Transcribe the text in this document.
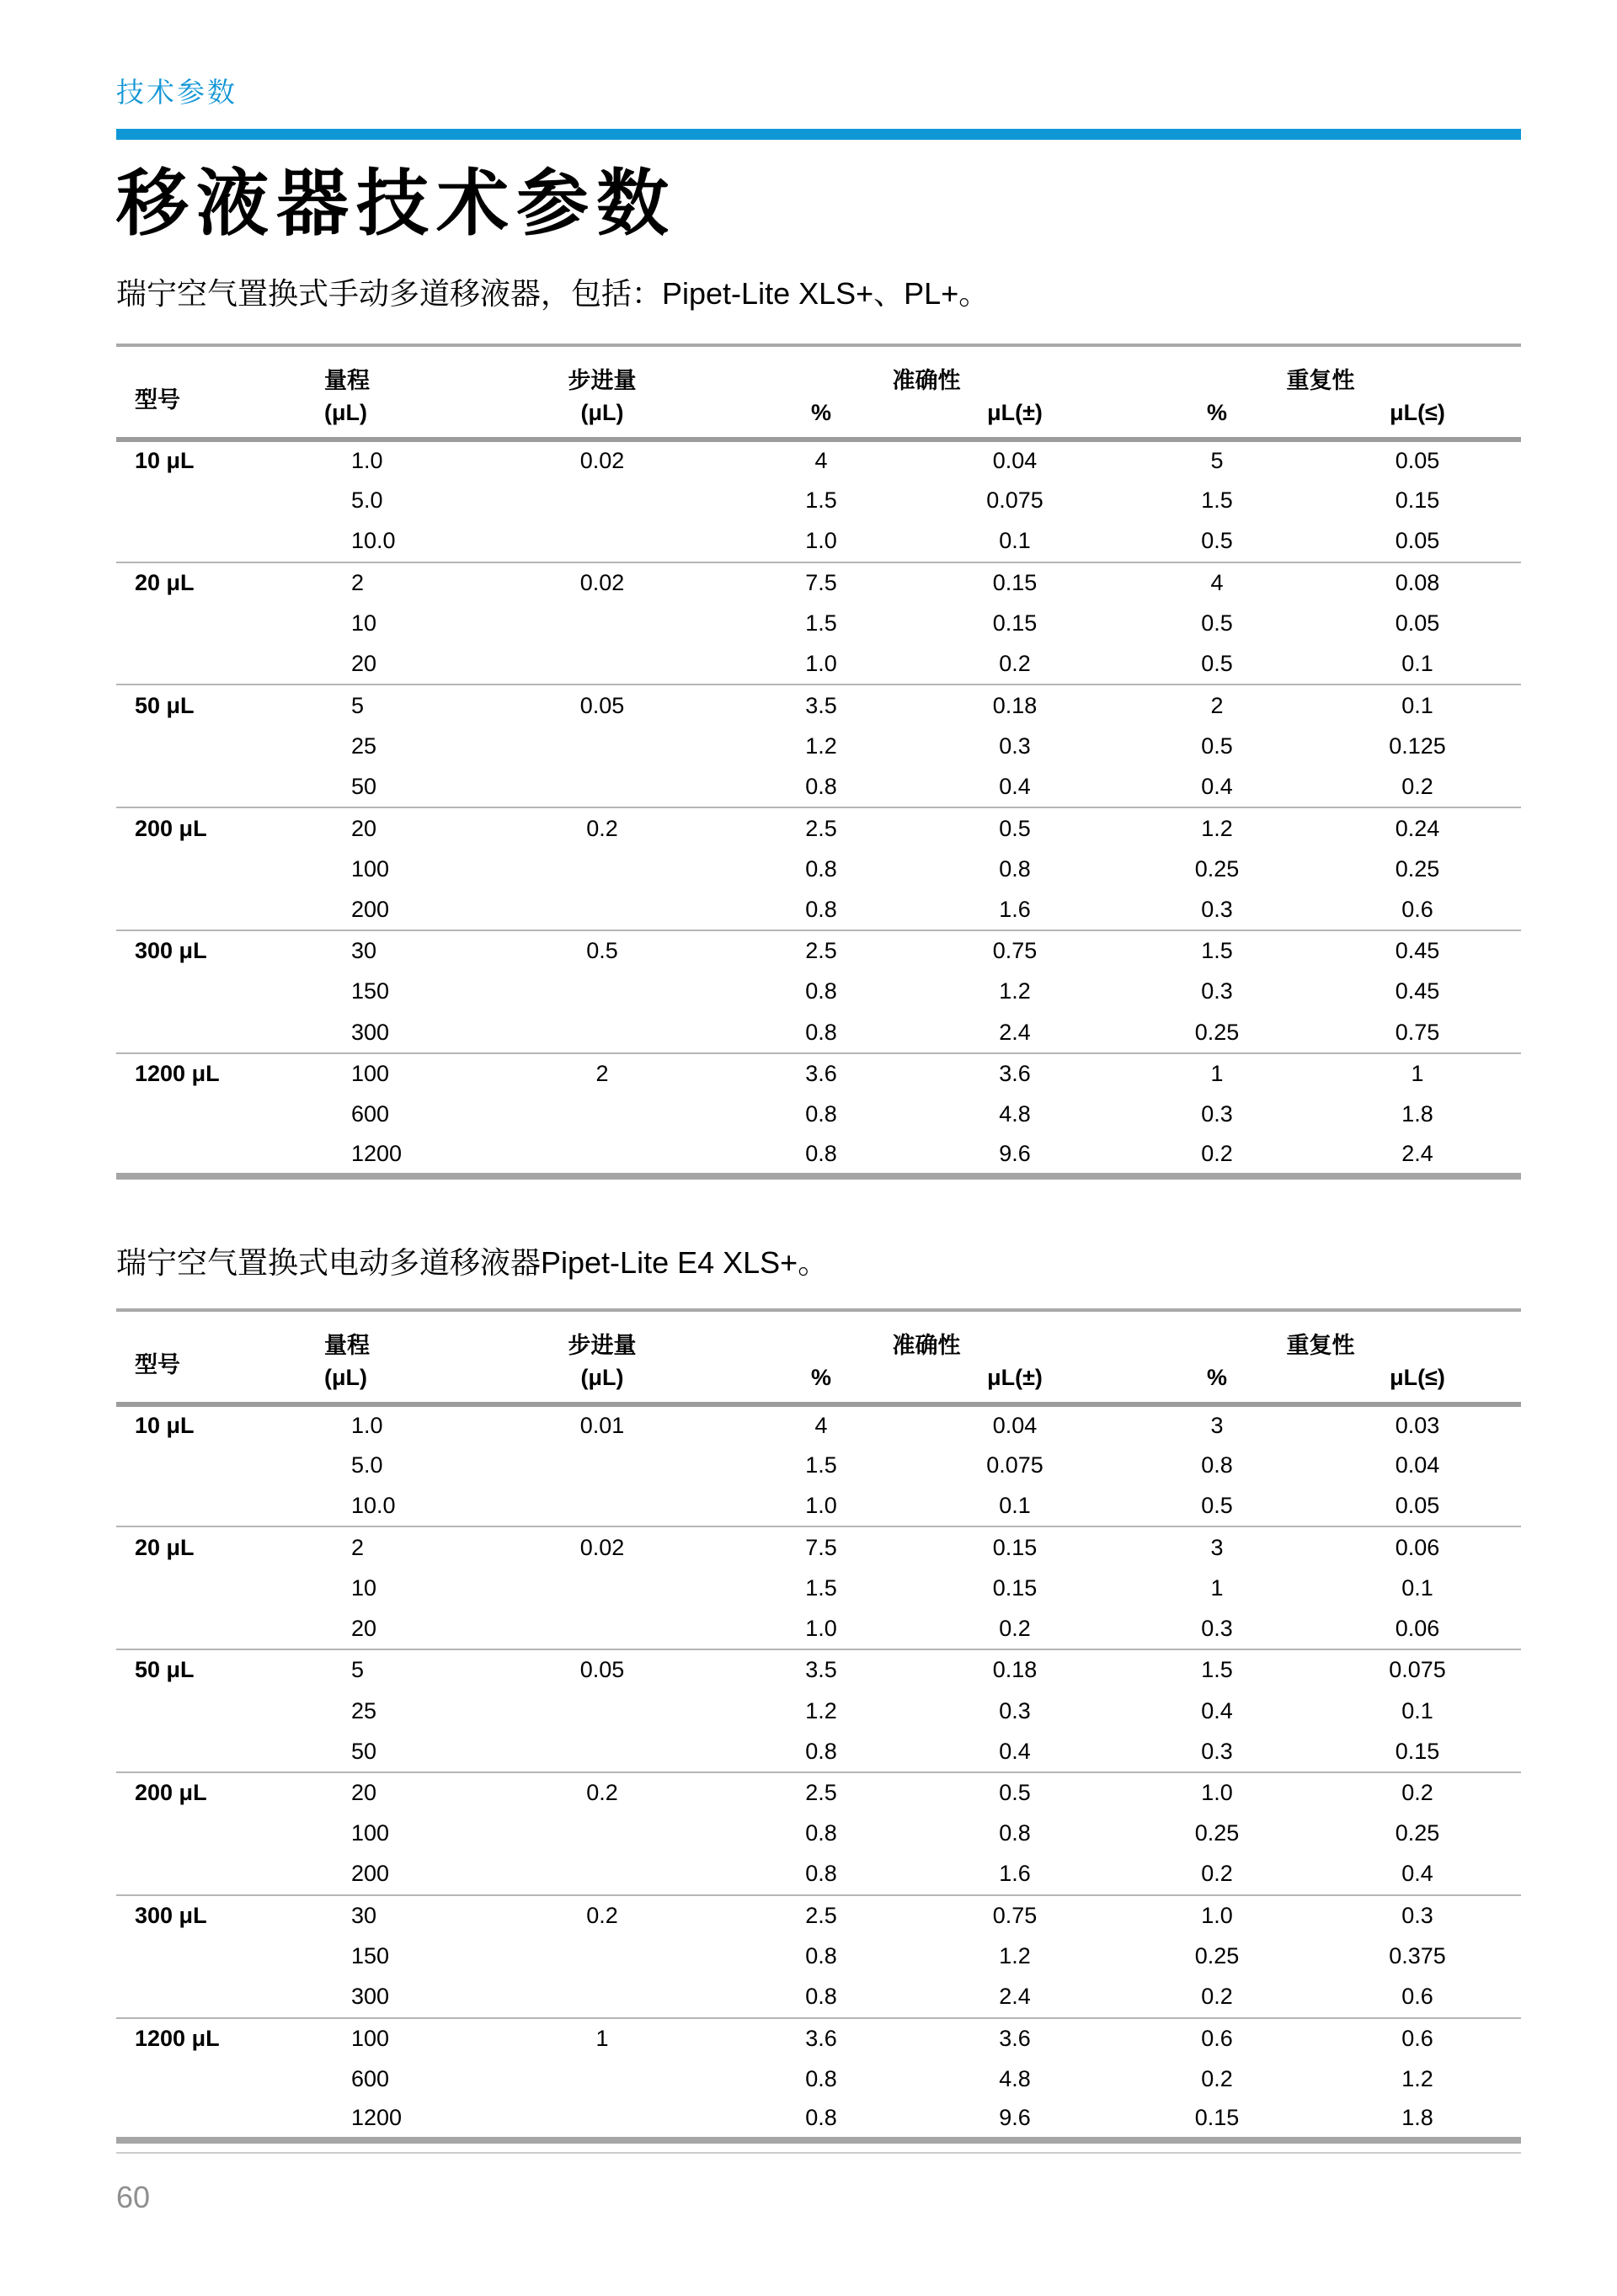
技术参数
移液器技术参数

瑞宁空气置换式手动多道移液器，包括：Pipet-Lite XLS+、PL+。

型号	量程	步进量	准确性		重复性	
	(μL)	(μL)	%	μL(±)	%	μL(≤)
10 μL	1.0	0.02	4	0.04	5	0.05
	5.0		1.5	0.075	1.5	0.15
	10.0		1.0	0.1	0.5	0.05
20 μL	2	0.02	7.5	0.15	4	0.08
	10		1.5	0.15	0.5	0.05
	20		1.0	0.2	0.5	0.1
50 μL	5	0.05	3.5	0.18	2	0.1
	25		1.2	0.3	0.5	0.125
	50		0.8	0.4	0.4	0.2
200 μL	20	0.2	2.5	0.5	1.2	0.24
	100		0.8	0.8	0.25	0.25
	200		0.8	1.6	0.3	0.6
300 μL	30	0.5	2.5	0.75	1.5	0.45
	150		0.8	1.2	0.3	0.45
	300		0.8	2.4	0.25	0.75
1200 μL	100	2	3.6	3.6	1	1
	600		0.8	4.8	0.3	1.8
	1200		0.8	9.6	0.2	2.4

瑞宁空气置换式电动多道移液器Pipet-Lite E4 XLS+。

型号	量程	步进量	准确性		重复性	
	(μL)	(μL)	%	μL(±)	%	μL(≤)
10 μL	1.0	0.01	4	0.04	3	0.03
	5.0		1.5	0.075	0.8	0.04
	10.0		1.0	0.1	0.5	0.05
20 μL	2	0.02	7.5	0.15	3	0.06
	10		1.5	0.15	1	0.1
	20		1.0	0.2	0.3	0.06
50 μL	5	0.05	3.5	0.18	1.5	0.075
	25		1.2	0.3	0.4	0.1
	50		0.8	0.4	0.3	0.15
200 μL	20	0.2	2.5	0.5	1.0	0.2
	100		0.8	0.8	0.25	0.25
	200		0.8	1.6	0.2	0.4
300 μL	30	0.2	2.5	0.75	1.0	0.3
	150		0.8	1.2	0.25	0.375
	300		0.8	2.4	0.2	0.6
1200 μL	100	1	3.6	3.6	0.6	0.6
	600		0.8	4.8	0.2	1.2
	1200		0.8	9.6	0.15	1.8
60
